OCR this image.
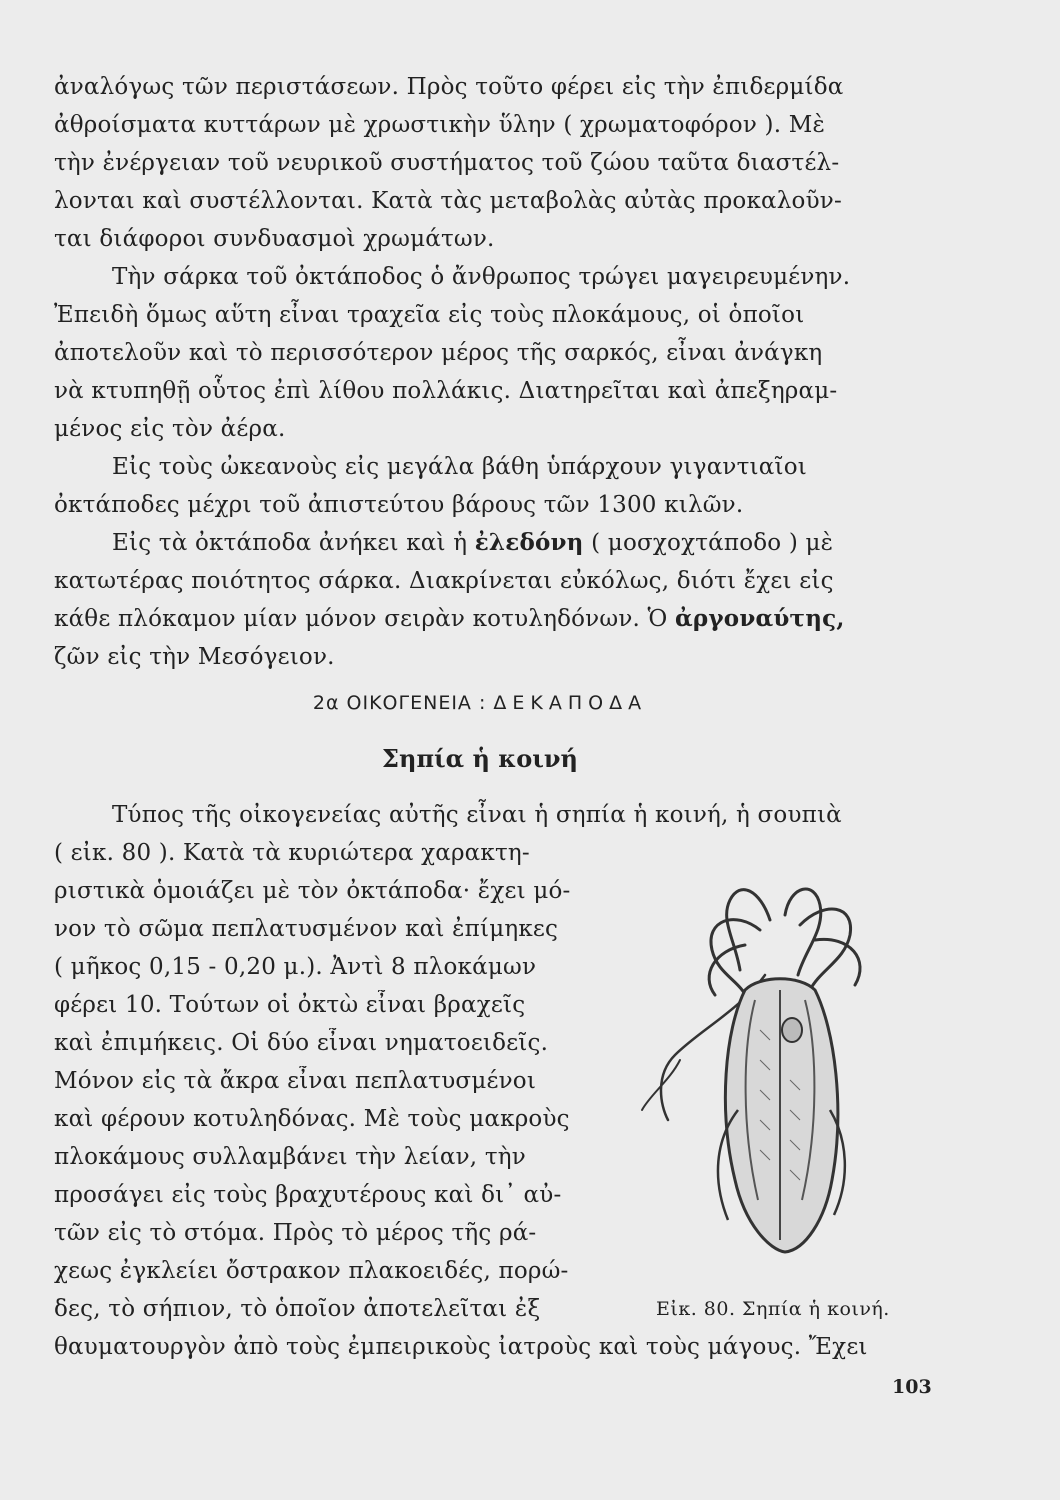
ἀναλόγως τῶν περιστάσεων. Πρὸς τοῦτο φέρει εἰς τὴν ἐπιδερμίδα
ἀθροίσματα κυττάρων μὲ χρωστικὴν ὕλην ( χρωματοφόρον ). Μὲ
τὴν ἐνέργειαν τοῦ νευρικοῦ συστήματος τοῦ ζώου ταῦτα διαστέλ-
λονται καὶ συστέλλονται. Κατὰ τὰς μεταβολὰς αὐτὰς προκαλοῦν-
ται διάφοροι συνδυασμοὶ χρωμάτων.
Τὴν σάρκα τοῦ ὀκτάποδος ὁ ἄνθρωπος τρώγει μαγειρευμένην.
Ἐπειδὴ ὅμως αὕτη εἶναι τραχεῖα εἰς τοὺς πλοκάμους, οἱ ὁποῖοι
ἀποτελοῦν καὶ τὸ περισσότερον μέρος τῆς σαρκός, εἶναι ἀνάγκη
νὰ κτυπηθῇ οὗτος ἐπὶ λίθου πολλάκις. Διατηρεῖται καὶ ἀπεξηραμ-
μένος εἰς τὸν ἀέρα.
Εἰς τοὺς ὠκεανοὺς εἰς μεγάλα βάθη ὑπάρχουν γιγαντιαῖοι
ὀκτάποδες μέχρι τοῦ ἀπιστεύτου βάρους τῶν 1300 κιλῶν.
Εἰς τὰ ὀκτάποδα ἀνήκει καὶ ἡ ἐλεδόνη ( μοσχοχτάποδο ) μὲ
κατωτέρας ποιότητος σάρκα. Διακρίνεται εὐκόλως, διότι ἔχει εἰς
κάθε πλόκαμον μίαν μόνον σειρὰν κοτυληδόνων. Ὁ ἀργοναύτης,
ζῶν εἰς τὴν Μεσόγειον.
2α ΟΙΚΟΓΕΝΕΙΑ : ΔΕΚΑΠΟΔΑ
Σηπία ἡ κοινή
Τύπος τῆς οἰκογενείας αὐτῆς εἶναι ἡ σηπία ἡ κοινή, ἡ σουπιὰ
( εἰκ. 80 ). Κατὰ τὰ κυριώτερα χαρακτη-
ριστικὰ ὁμοιάζει μὲ τὸν ὀκτάποδα· ἔχει μό-
νον τὸ σῶμα πεπλατυσμένον καὶ ἐπίμηκες
( μῆκος 0,15 - 0,20 μ.). Ἀντὶ 8 πλοκάμων
φέρει 10. Τούτων οἱ ὀκτὼ εἶναι βραχεῖς
καὶ ἐπιμήκεις. Οἱ δύο εἶναι νηματοειδεῖς.
Μόνον εἰς τὰ ἄκρα εἶναι πεπλατυσμένοι
καὶ φέρουν κοτυληδόνας. Μὲ τοὺς μακροὺς
πλοκάμους συλλαμβάνει τὴν λείαν, τὴν
προσάγει εἰς τοὺς βραχυτέρους καὶ δι᾽ αὐ-
τῶν εἰς τὸ στόμα. Πρὸς τὸ μέρος τῆς ρά-
χεως ἐγκλείει ὄστρακον πλακοειδές, πορώ-
δες, τὸ σήπιον, τὸ ὁποῖον ἀποτελεῖται ἐξ	Εἰκ. 80. Σηπία ἡ κοινή.
103
θαυματουργὸν ἀπὸ τοὺς ἐμπειρικοὺς ἰατροὺς καὶ τοὺς μάγους. Ἔχει
